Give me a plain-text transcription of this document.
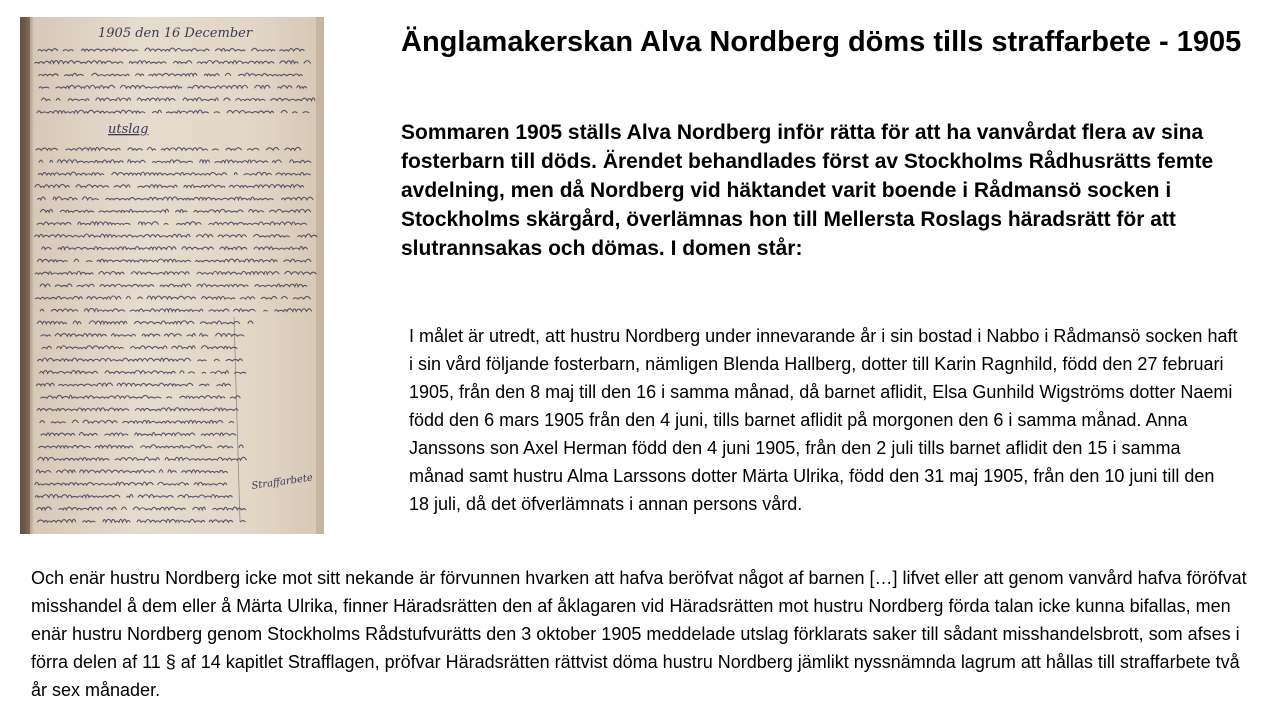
1905 den 16 December
utslag
Straffarbete
Änglamakerskan Alva Nordberg döms tills straffarbete - 1905

Sommaren 1905 ställs Alva Nordberg inför rätta för att ha vanvårdat flera av sina fosterbarn till döds. Ärendet behandlades först av Stockholms Rådhusrätts femte avdelning, men då Nordberg vid häktandet varit boende i Rådmansö socken i Stockholms skärgård, överlämnas hon till Mellersta Roslags häradsrätt för att slutrannsakas och dömas. I domen står:

I målet är utredt, att hustru Nordberg under innevarande år i sin bostad i Nabbo i Rådmansö socken haft i sin vård följande fosterbarn, nämligen Blenda Hallberg, dotter till Karin Ragnhild, född den 27 februari 1905, från den 8 maj till den 16 i samma månad, då barnet aflidit, Elsa Gunhild Wigströms dotter Naemi född den 6 mars 1905 från den 4 juni, tills barnet aflidit på morgonen den 6 i samma månad. Anna Janssons son Axel Herman född den 4 juni 1905, från den 2 juli tills barnet aflidit den 15 i samma månad samt hustru Alma Larssons dotter Märta Ulrika, född den 31 maj 1905, från den 10 juni till den 18 juli, då det öfverlämnats i annan persons vård.

Och enär hustru Nordberg icke mot sitt nekande är förvunnen hvarken att hafva beröfvat något af barnen […] lifvet eller att genom vanvård hafva föröfvat misshandel å dem eller å Märta Ulrika, finner Häradsrätten den af åklagaren vid Häradsrätten mot hustru Nordberg förda talan icke kunna bifallas, men enär hustru Nordberg genom Stockholms Rådstufvurätts den 3 oktober 1905 meddelade utslag förklarats saker till sådant misshandelsbrott, som afses i förra delen af 11 § af 14 kapitlet Strafflagen, pröfvar Häradsrätten rättvist döma hustru Nordberg jämlikt nyssnämnda lagrum att hållas till straffarbete två år sex månader.
